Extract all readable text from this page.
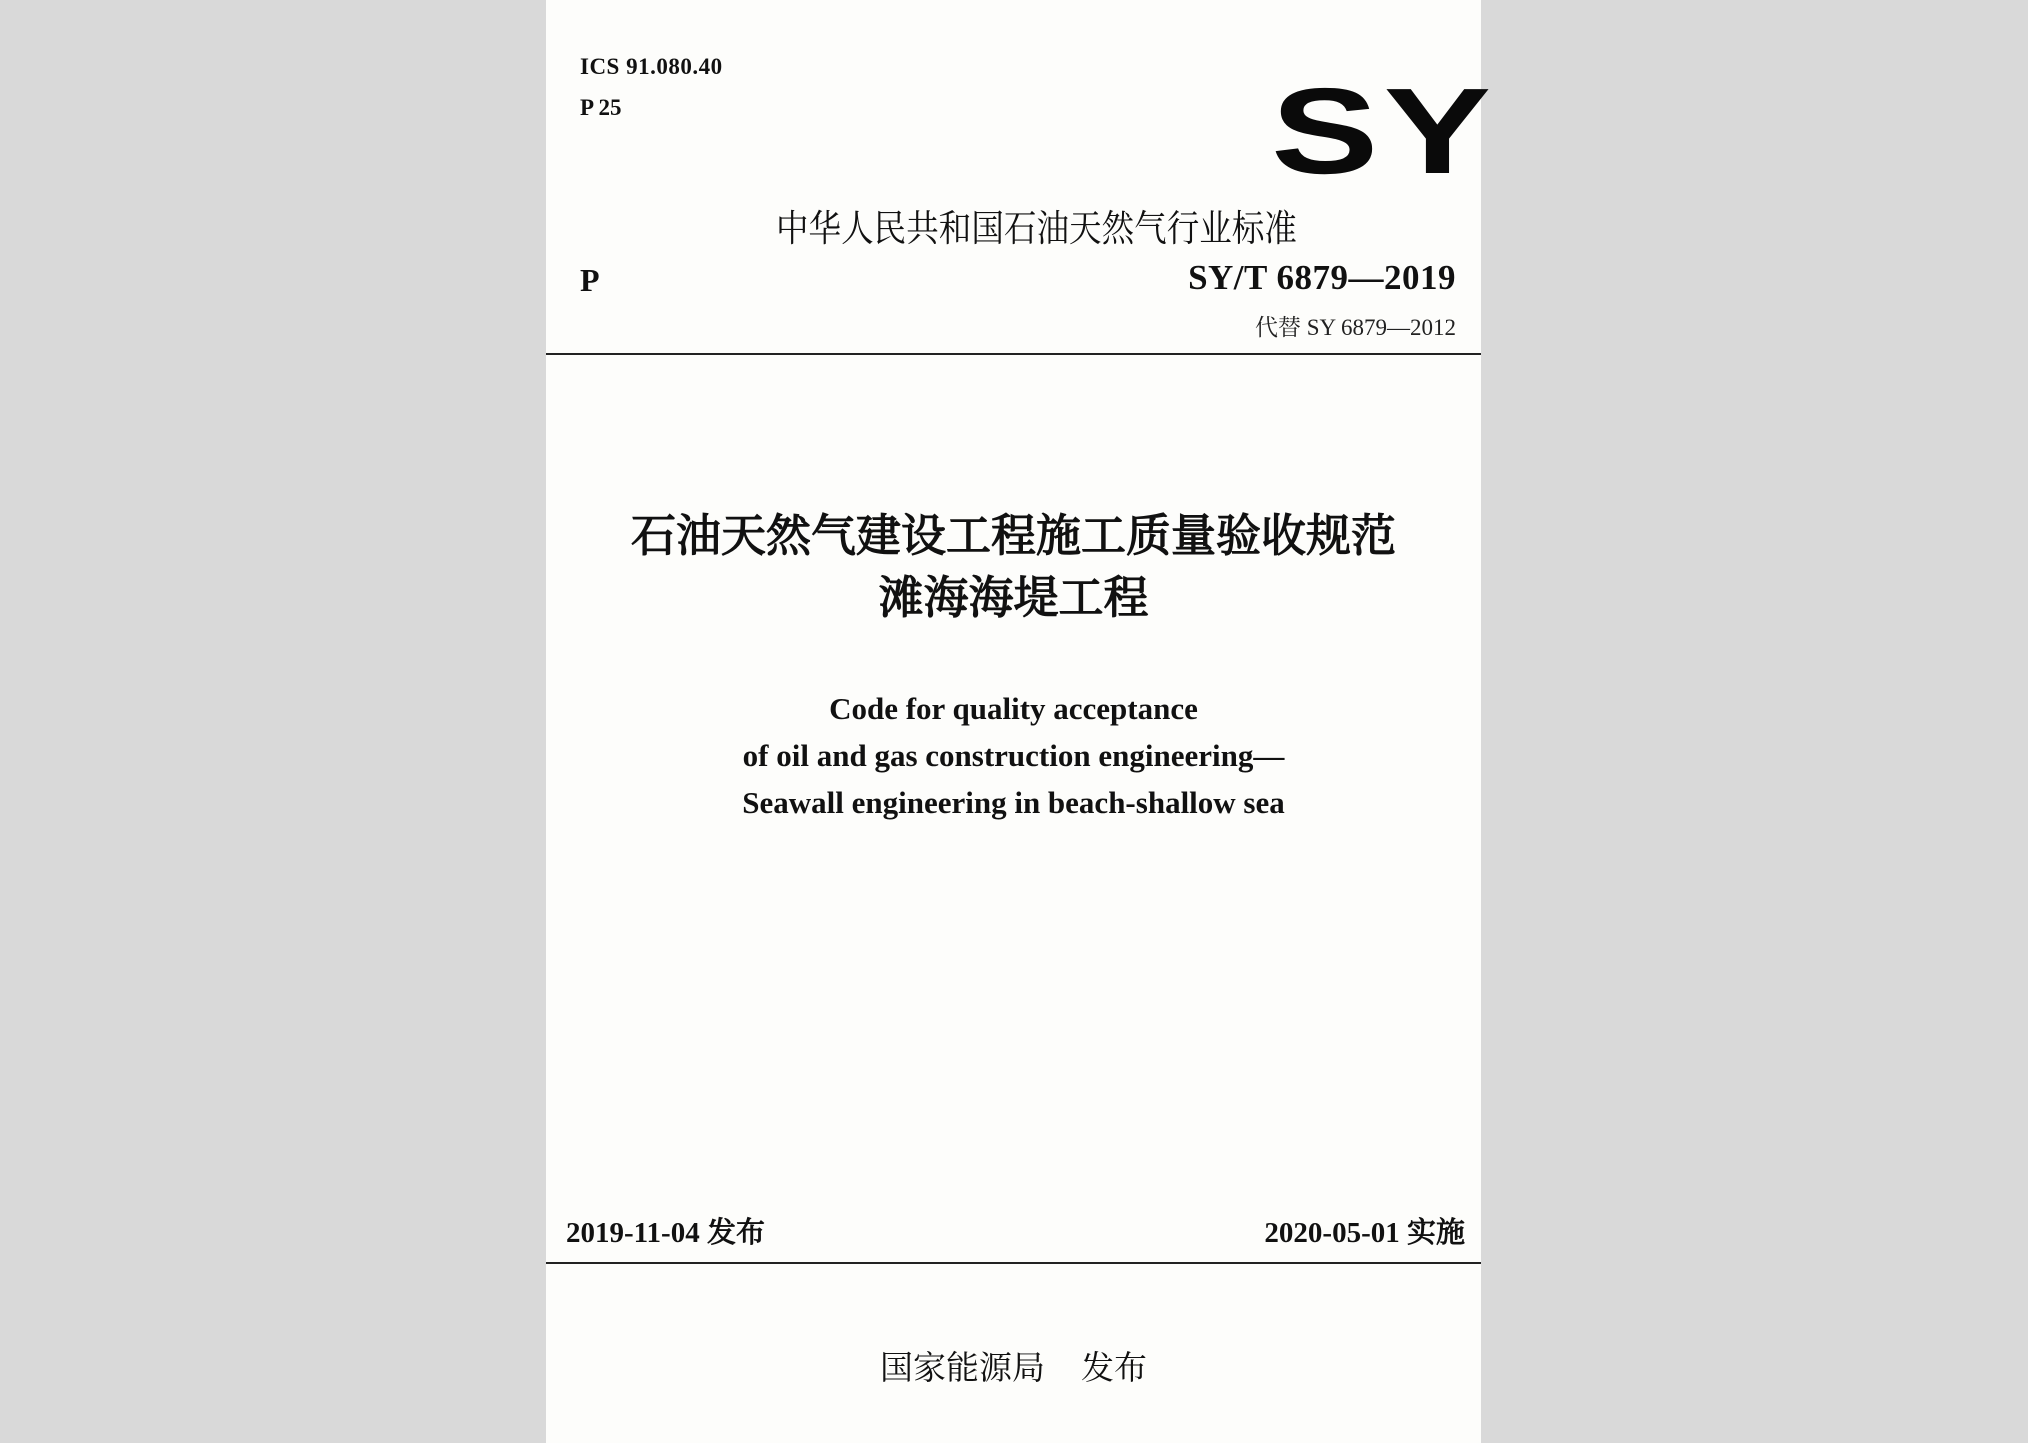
ICS 91.080.40
P 25	SY
中华人民共和国石油天然气行业标准
P	SY/T 6879—2019
代替 SY 6879—2012
石油天然气建设工程施工质量验收规范
滩海海堤工程
Code for quality acceptance
of oil and gas construction engineering—
Seawall engineering in beach-shallow sea
2019-11-04 发布	2020-05-01 实施
国家能源局 发布
